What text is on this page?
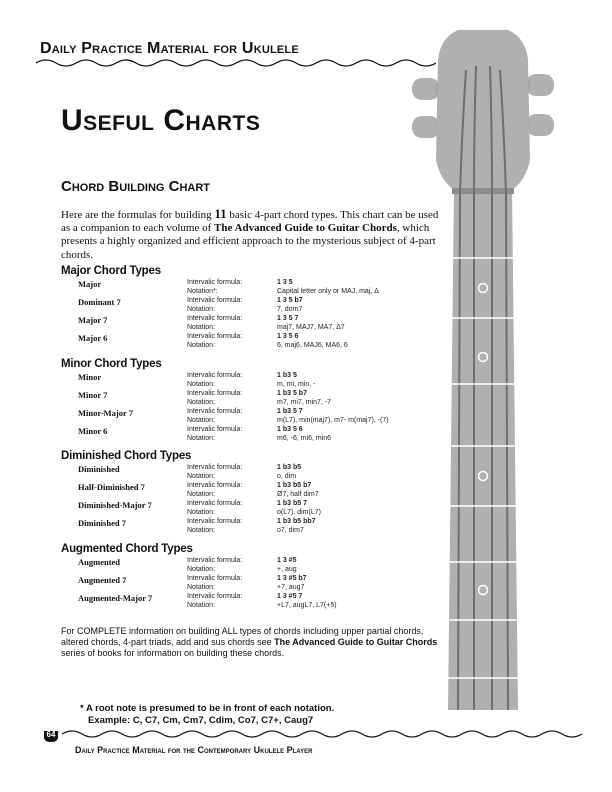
Daily Practice Material for Ukulele
Useful Charts
Chord Building Chart
Here are the formulas for building 11 basic 4-part chord types. This chart can be used as a companion to each volume of The Advanced Guide to Guitar Chords, which presents a highly organized and efficient approach to the mysterious subject of 4-part chords.
Major Chord Types
Major	Intervalic formula:	1 3 5
Notation*:	Capital letter only or MAJ, maj, Δ
Dominant 7	Intervalic formula:	1 3 5 b7
Notation:	7, dom7
Major 7	Intervalic formula:	1 3 5 7
Notation:	maj7, MAJ7, MA7, Δ7
Major 6	Intervalic formula:	1 3 5 6
Notation:	6, maj6, MAJ6, MA6, 6
Minor Chord Types
Minor	Intervalic formula:	1 b3 5
Notation:	m, mi, min, -
Minor 7	Intervalic formula:	1 b3 5 b7
Notation:	m7, mi7, min7, -7
Minor-Major 7	Intervalic formula:	1 b3 5 7
Notation:	m(L7), min(maj7), m7- m(maj7), -(7)
Minor 6	Intervalic formula:	1 b3 5 6
Notation:	m6, -6, mi6, min6
Diminished Chord Types
Diminished	Intervalic formula:	1 b3 b5
Notation:	o, dim
Half-Diminished 7	Intervalic formula:	1 b3 b5 b7
Notation:	Ø7, half dim7
Diminished-Major 7	Intervalic formula:	1 b3 b5 7
Notation:	o(L7), dim(L7)
Diminished 7	Intervalic formula:	1 b3 b5 bb7
Notation:	o7, dim7
Augmented Chord Types
Augmented	Intervalic formula:	1 3 #5
Notation:	+, aug
Augmented 7	Intervalic formula:	1 3 #5 b7
Notation:	+7, aug7
Augmented-Major 7	Intervalic formula:	1 3 #5 7
Notation:	+L7, augL7, L7(+5)
For COMPLETE information on building ALL types of chords including upper partial chords, altered chords, 4-part triads, add and sus chords see The Advanced Guide to Guitar Chords series of books for information on building these chords.
* A root note is presumed to be in front of each notation.
Example: C, C7, Cm, Cm7, Cdim, Co7, C7+, Caug7
64
Daily Practice Material for the Contemporary Ukulele Player
